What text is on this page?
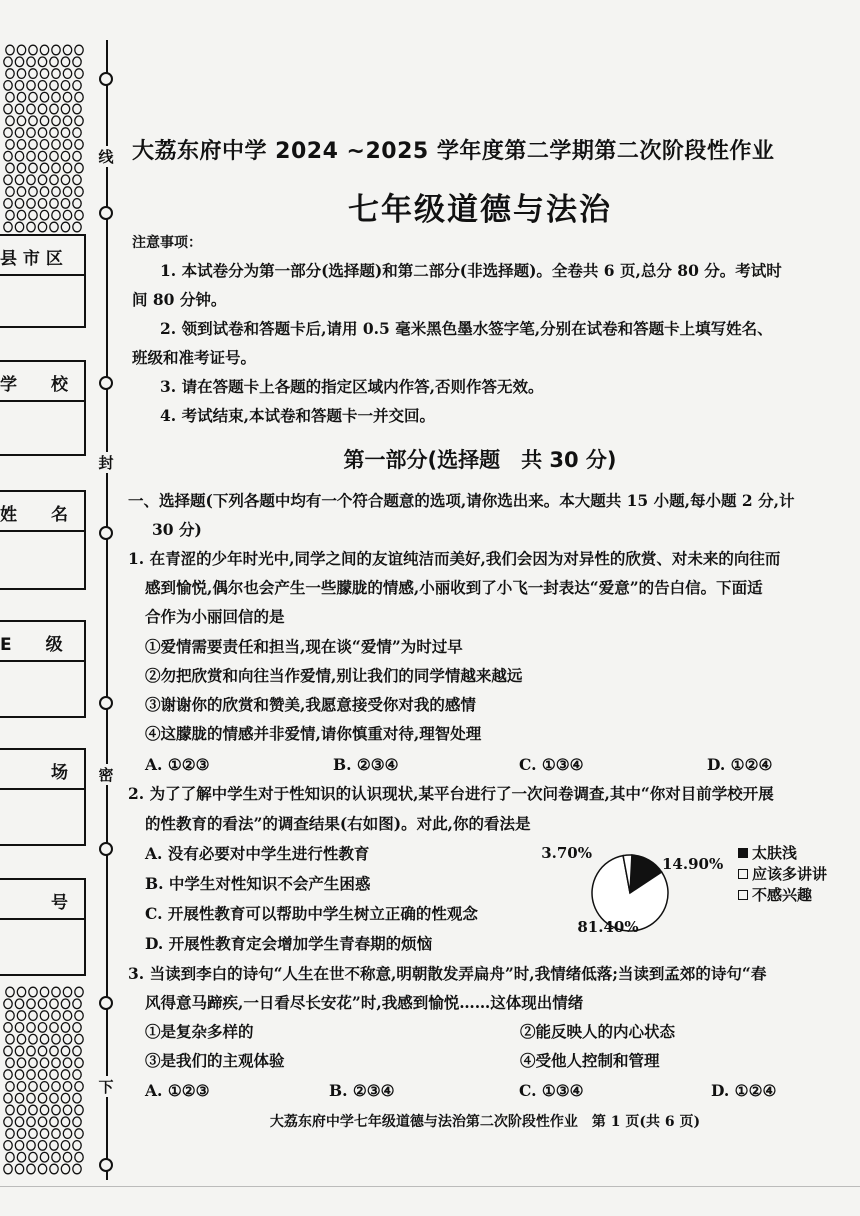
县 市 区
学　　校
姓　　名
E　　级
场
号
线
封
密
下
大荔东府中学 2024 ~2025 学年度第二学期第二次阶段性作业
七年级道德与法治
注意事项：
1. 本试卷分为第一部分(选择题)和第二部分(非选择题)。全卷共 6 页,总分 80 分。考试时
间 80 分钟。
2. 领到试卷和答题卡后,请用 0.5 毫米黑色墨水签字笔,分别在试卷和答题卡上填写姓名、
班级和准考证号。
3. 请在答题卡上各题的指定区域内作答,否则作答无效。
4. 考试结束,本试卷和答题卡一并交回。
第一部分(选择题　共 30 分)
一、选择题(下列各题中均有一个符合题意的选项,请你选出来。本大题共 15 小题,每小题 2 分,计
30 分)
1. 在青涩的少年时光中,同学之间的友谊纯洁而美好,我们会因为对异性的欣赏、对未来的向往而
感到愉悦,偶尔也会产生一些朦胧的情感,小丽收到了小飞一封表达“爱意”的告白信。下面适
合作为小丽回信的是
①爱情需要责任和担当,现在谈“爱情”为时过早
②勿把欣赏和向往当作爱情,别让我们的同学情越来越远
③谢谢你的欣赏和赞美,我愿意接受你对我的感情
④这朦胧的情感并非爱情,请你慎重对待,理智处理
A. ①②③	B. ②③④	C. ①③④	D. ①②④
2. 为了了解中学生对于性知识的认识现状,某平台进行了一次问卷调查,其中“你对目前学校开展
的性教育的看法”的调查结果(右如图)。对此,你的看法是
A. 没有必要对中学生进行性教育
B. 中学生对性知识不会产生困惑
C. 开展性教育可以帮助中学生树立正确的性观念
D. 开展性教育定会增加学生青春期的烦恼
14.90%
81.40%
3.70%	太肤浅
应该多讲讲
不感兴趣
3. 当读到李白的诗句“人生在世不称意,明朝散发弄扁舟”时,我情绪低落;当读到孟郊的诗句“春
风得意马蹄疾,一日看尽长安花”时,我感到愉悦……这体现出情绪
①是复杂多样的	②能反映人的内心状态
③是我们的主观体验	④受他人控制和管理
A. ①②③	B. ②③④	C. ①③④	D. ①②④
大荔东府中学七年级道德与法治第二次阶段性作业　第 1 页(共 6 页)
